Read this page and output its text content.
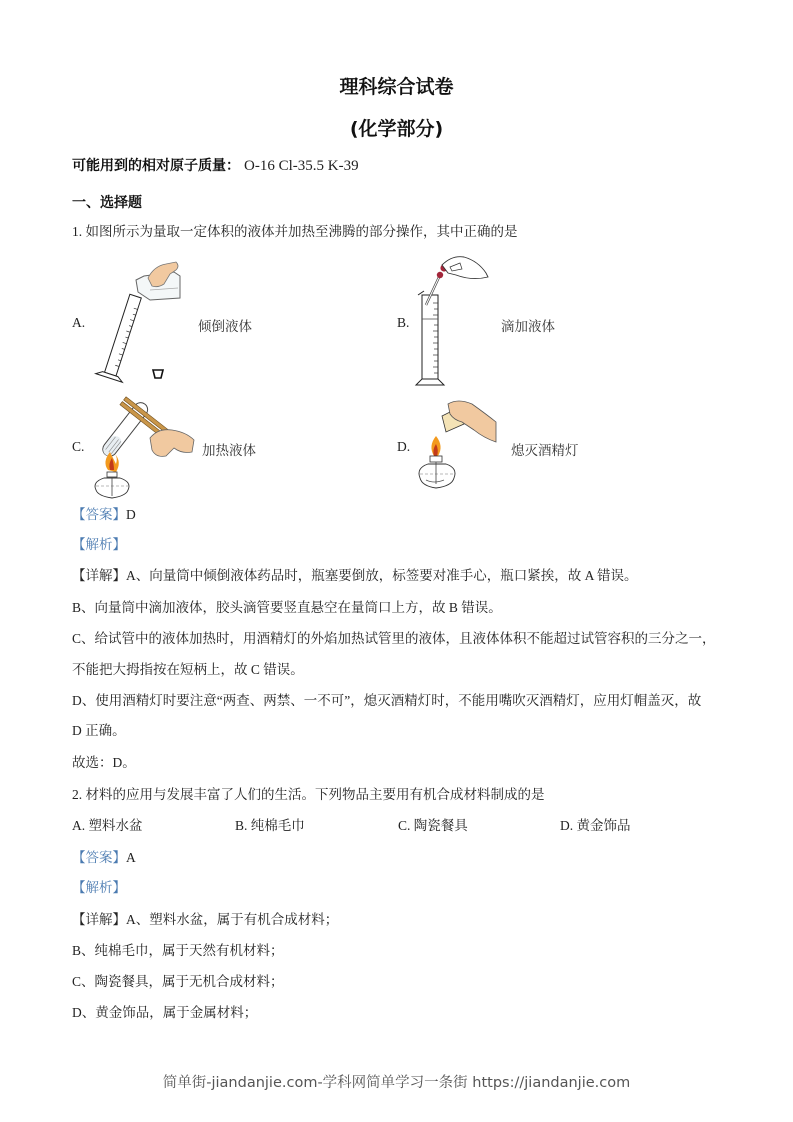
理科综合试卷
(化学部分)
可能用到的相对原子质量： O-16 Cl-35.5 K-39
一、选择题
1. 如图所示为量取一定体积的液体并加热至沸腾的部分操作，其中正确的是
A.	倾倒液体	B.	滴加液体
C.	加热液体	D.	熄灭酒精灯
【答案】D
【解析】
【详解】A、向量筒中倾倒液体药品时，瓶塞要倒放，标签要对准手心，瓶口紧挨，故 A 错误。
B、向量筒中滴加液体，胶头滴管要竖直悬空在量筒口上方，故 B 错误。
C、给试管中的液体加热时，用酒精灯的外焰加热试管里的液体，且液体体积不能超过试管容积的三分之一，
不能把大拇指按在短柄上，故 C 错误。
D、使用酒精灯时要注意“两查、两禁、一不可”，熄灭酒精灯时，不能用嘴吹灭酒精灯，应用灯帽盖灭，故
D 正确。
故选：D。
2. 材料的应用与发展丰富了人们的生活。下列物品主要用有机合成材料制成的是
A. 塑料水盆	B. 纯棉毛巾	C. 陶瓷餐具	D. 黄金饰品
【答案】A
【解析】
【详解】A、塑料水盆，属于有机合成材料；
B、纯棉毛巾，属于天然有机材料；
C、陶瓷餐具，属于无机合成材料；
D、黄金饰品，属于金属材料；
简单街-jiandanjie.com-学科网简单学习一条街 https://jiandanjie.com
